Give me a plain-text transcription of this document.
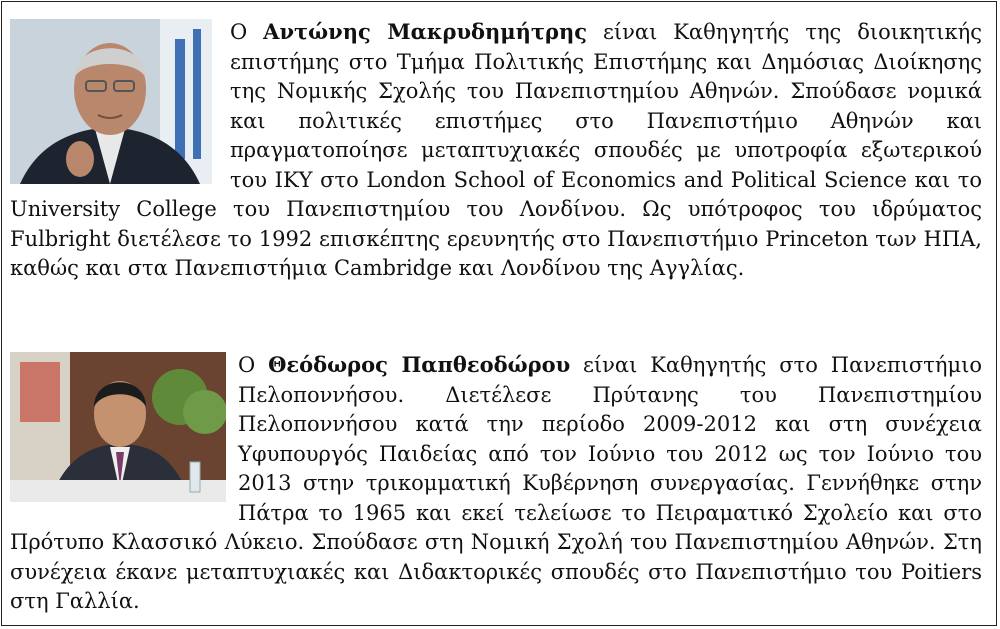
Ο Αντώνης Μακρυδημήτρης είναι Καθηγητής της διοικητικής επιστήμης στο Τμήμα Πολιτικής Επιστήμης και Δημόσιας Διοίκησης της Νομικής Σχολής του Πανεπιστημίου Αθηνών. Σπούδασε νομικά και πολιτικές επιστήμες στο Πανεπιστήμιο Αθηνών και πραγματοποίησε μεταπτυχιακές σπουδές με υποτροφία εξωτερικού του ΙΚΥ στο London School of Economics and Political Science και το University College του Πανεπιστημίου του Λονδίνου. Ως υπότροφος του ιδρύματος Fulbright διετέλεσε το 1992 επισκέπτης ερευνητής στο Πανεπιστήμιο Princeton των ΗΠΑ, καθώς και στα Πανεπιστήμια Cambridge και Λονδίνου της Αγγλίας.
Ο Θεόδωρος Παπθεοδώρου είναι Καθηγητής στο Πανεπιστήμιο Πελοποννήσου. Διετέλεσε Πρύτανης του Πανεπιστημίου Πελοποννήσου κατά την περίοδο 2009-2012 και στη συνέχεια Υφυπουργός Παιδείας από τον Ιούνιο του 2012 ως τον Ιούνιο του 2013 στην τρικομματική Κυβέρνηση συνεργασίας. Γεννήθηκε στην Πάτρα το 1965 και εκεί τελείωσε το Πειραματικό Σχολείο και στο Πρότυπο Κλασσικό Λύκειο. Σπούδασε στη Νομική Σχολή του Πανεπιστημίου Αθηνών. Στη συνέχεια έκανε μεταπτυχιακές και Διδακτορικές σπουδές στο Πανεπιστήμιο του Poitiers στη Γαλλία.
